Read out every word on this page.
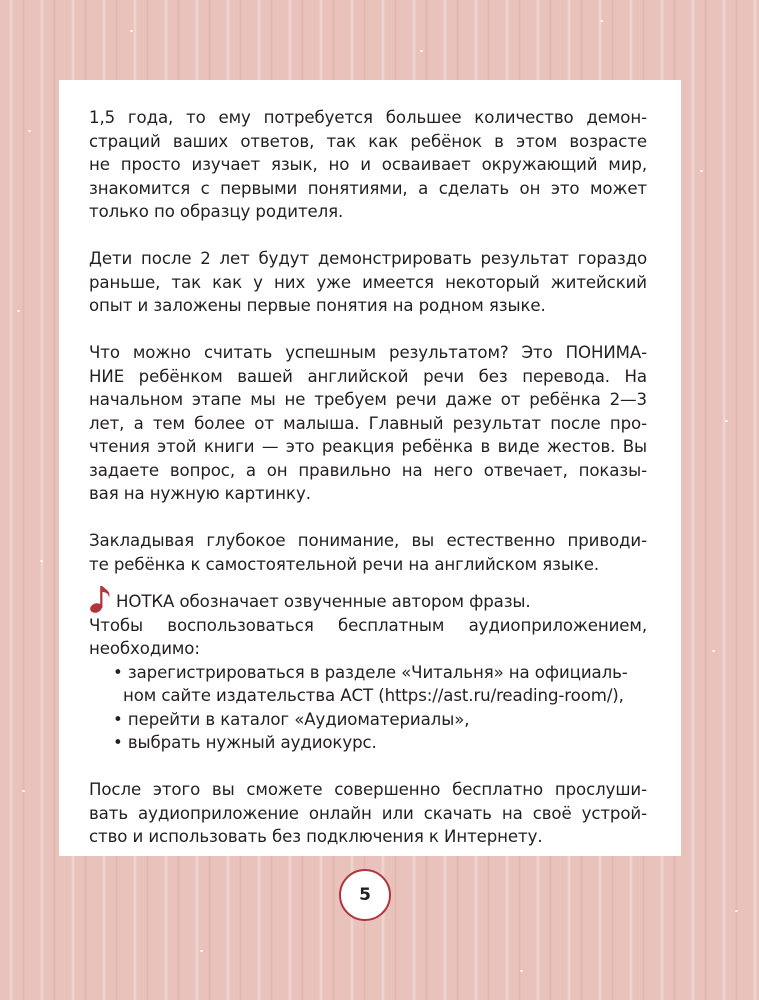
1,5 года, то ему потребуется большее количество демон-
страций ваших ответов, так как ребёнок в этом возрасте
не просто изучает язык, но и осваивает окружающий мир,
знакомится с первыми понятиями, а сделать он это может
только по образцу родителя.
Дети после 2 лет будут демонстрировать результат гораздо
раньше, так как у них уже имеется некоторый житейский
опыт и заложены первые понятия на родном языке.
Что можно считать успешным результатом? Это ПОНИМА-
НИЕ ребёнком вашей английской речи без перевода. На
начальном этапе мы не требуем речи даже от ребёнка 2—3
лет, а тем более от малыша. Главный результат после про-
чтения этой книги — это реакция ребёнка в виде жестов. Вы
задаете вопрос, а он правильно на него отвечает, показы-
вая на нужную картинку.
Закладывая глубокое понимание, вы естественно приводи-
те ребёнка к самостоятельной речи на английском языке.
НОТКА обозначает озвученные автором фразы.
Чтобы воспользоваться бесплатным аудиоприложением,
необходимо:
• зарегистрироваться в разделе «Читальня» на официаль-
ном сайте издательства АСТ (https://ast.ru/reading-room/),
• перейти в каталог «Аудиоматериалы»,
• выбрать нужный аудиокурс.
После этого вы сможете совершенно бесплатно прослуши-
вать аудиоприложение онлайн или скачать на своё устрой-
ство и использовать без подключения к Интернету.
5
